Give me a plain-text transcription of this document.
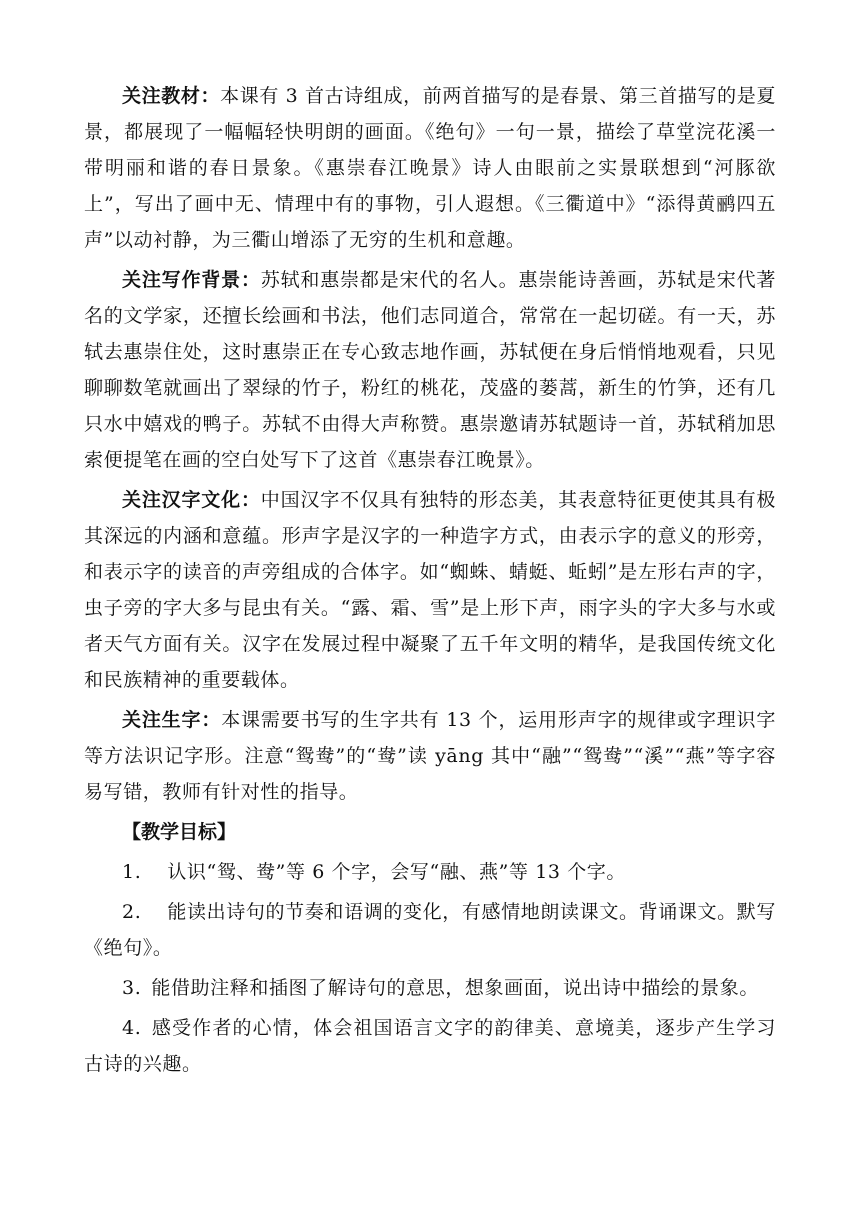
关注教材：本课有 3 首古诗组成，前两首描写的是春景、第三首描写的是夏景，都展现了一幅幅轻快明朗的画面。《绝句》一句一景，描绘了草堂浣花溪一带明丽和谐的春日景象。《惠崇春江晚景》诗人由眼前之实景联想到“河豚欲上”，写出了画中无、情理中有的事物，引人遐想。《三衢道中》“添得黄鹂四五声”以动衬静，为三衢山增添了无穷的生机和意趣。

关注写作背景：苏轼和惠崇都是宋代的名人。惠崇能诗善画，苏轼是宋代著名的文学家，还擅长绘画和书法，他们志同道合，常常在一起切磋。有一天，苏轼去惠崇住处，这时惠崇正在专心致志地作画，苏轼便在身后悄悄地观看，只见聊聊数笔就画出了翠绿的竹子，粉红的桃花，茂盛的蒌蒿，新生的竹笋，还有几只水中嬉戏的鸭子。苏轼不由得大声称赞。惠崇邀请苏轼题诗一首，苏轼稍加思索便提笔在画的空白处写下了这首《惠崇春江晚景》。

关注汉字文化：中国汉字不仅具有独特的形态美，其表意特征更使其具有极其深远的内涵和意蕴。形声字是汉字的一种造字方式，由表示字的意义的形旁，和表示字的读音的声旁组成的合体字。如“蜘蛛、蜻蜓、蚯蚓”是左形右声的字，虫子旁的字大多与昆虫有关。“露、霜、雪”是上形下声，雨字头的字大多与水或者天气方面有关。汉字在发展过程中凝聚了五千年文明的精华，是我国传统文化和民族精神的重要载体。

关注生字：本课需要书写的生字共有 13 个，运用形声字的规律或字理识字等方法识记字形。注意“鸳鸯”的“鸯”读 yāng 其中“融”“鸳鸯”“溪”“燕”等字容易写错，教师有针对性的指导。

【教学目标】

1. 认识“鸳、鸯”等 6 个字，会写“融、燕”等 13 个字。

2. 能读出诗句的节奏和语调的变化，有感情地朗读课文。背诵课文。默写《绝句》。

3. 能借助注释和插图了解诗句的意思，想象画面，说出诗中描绘的景象。

4. 感受作者的心情，体会祖国语言文字的韵律美、意境美，逐步产生学习古诗的兴趣。
